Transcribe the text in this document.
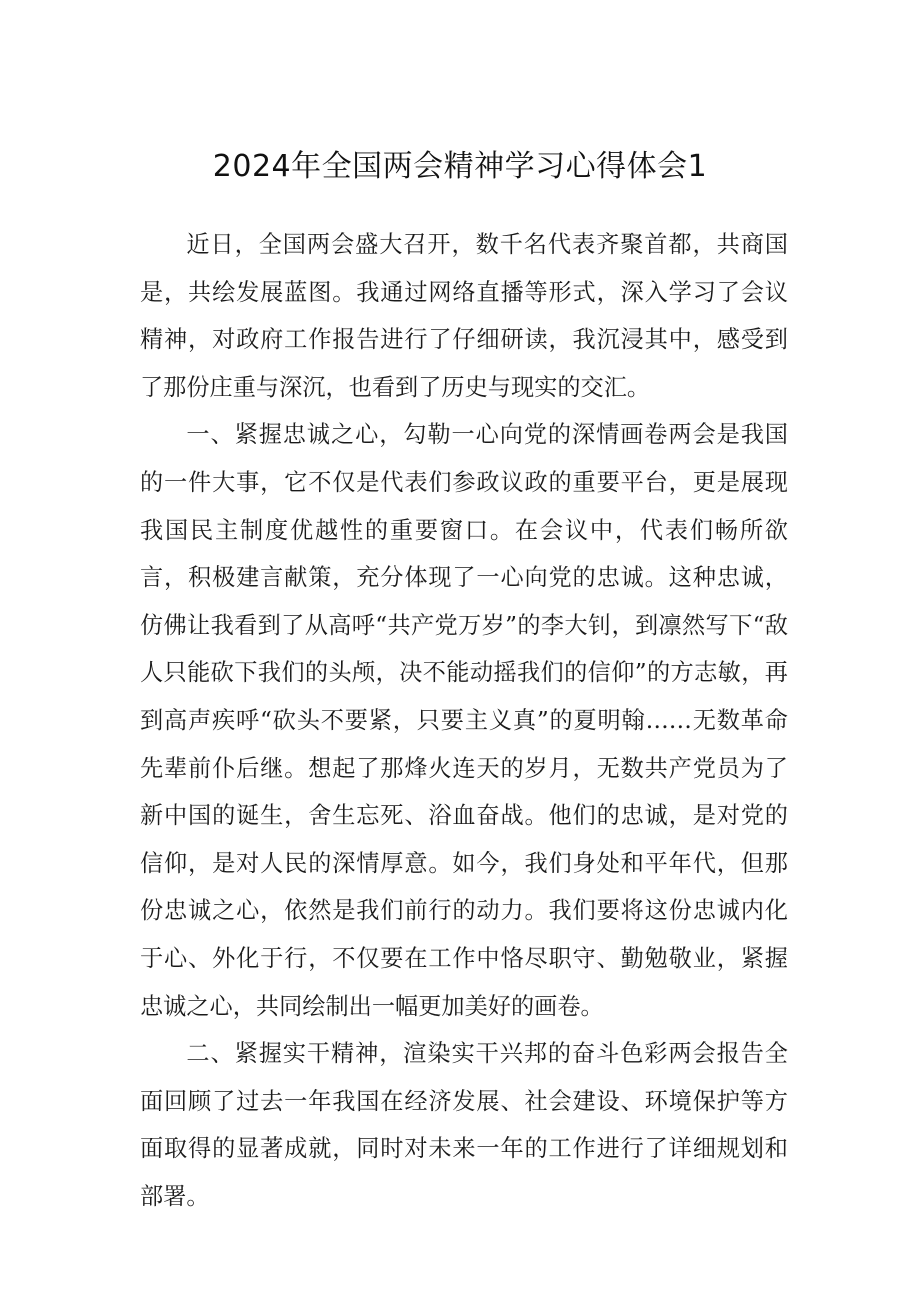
2024年全国两会精神学习心得体会1

近日，全国两会盛大召开，数千名代表齐聚首都，共商国是，共绘发展蓝图。我通过网络直播等形式，深入学习了会议精神，对政府工作报告进行了仔细研读，我沉浸其中，感受到了那份庄重与深沉，也看到了历史与现实的交汇。

一、紧握忠诚之心，勾勒一心向党的深情画卷两会是我国的一件大事，它不仅是代表们参政议政的重要平台，更是展现我国民主制度优越性的重要窗口。在会议中，代表们畅所欲言，积极建言献策，充分体现了一心向党的忠诚。这种忠诚，仿佛让我看到了从高呼“共产党万岁”的李大钊，到凛然写下“敌人只能砍下我们的头颅，决不能动摇我们的信仰”的方志敏，再到高声疾呼“砍头不要紧，只要主义真”的夏明翰……无数革命先辈前仆后继。想起了那烽火连天的岁月，无数共产党员为了新中国的诞生，舍生忘死、浴血奋战。他们的忠诚，是对党的信仰，是对人民的深情厚意。如今，我们身处和平年代，但那份忠诚之心，依然是我们前行的动力。我们要将这份忠诚内化于心、外化于行，不仅要在工作中恪尽职守、勤勉敬业，紧握忠诚之心，共同绘制出一幅更加美好的画卷。

二、紧握实干精神，渲染实干兴邦的奋斗色彩两会报告全面回顾了过去一年我国在经济发展、社会建设、环境保护等方面取得的显著成就，同时对未来一年的工作进行了详细规划和部署。
